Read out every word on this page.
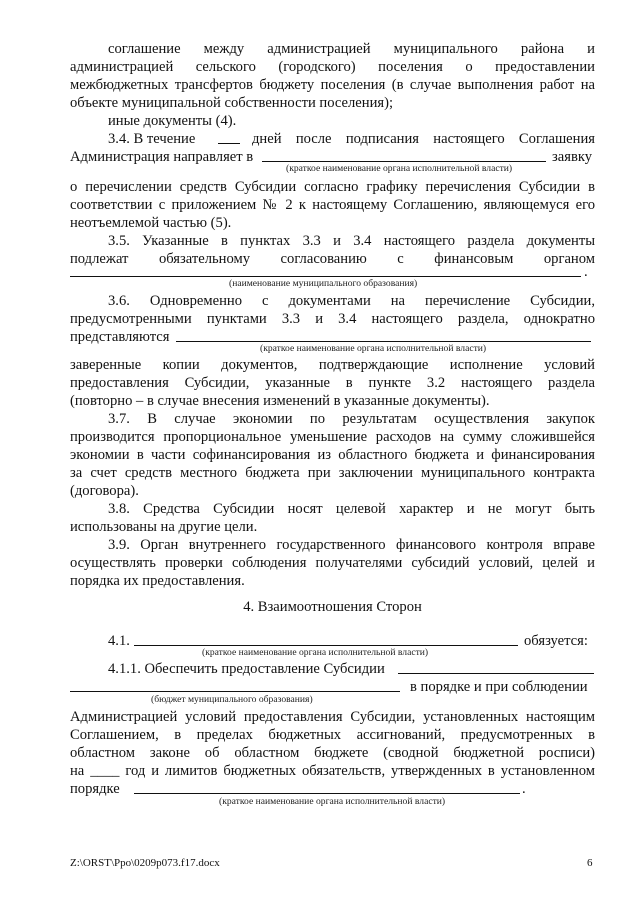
соглашение между администрацией муниципального района и
администрацией сельского (городского) поселения о предоставлении
межбюджетных трансфертов бюджету поселения (в случае выполнения работ на
объекте муниципальной собственности поселения);
иные документы (4).
3.4. В течение	дней после подписания настоящего Соглашения
Администрация направляет в	заявку
(краткое наименование органа исполнительной власти)
о перечислении средств Субсидии согласно графику перечисления Субсидии в
соответствии с приложением № 2 к настоящему Соглашению, являющемуся его
неотъемлемой частью (5).
3.5. Указанные в пунктах 3.3 и 3.4 настоящего раздела документы
подлежат обязательному согласованию с финансовым органом
.
(наименование муниципального образования)
3.6. Одновременно с документами на перечисление Субсидии,
предусмотренными пунктами 3.3 и 3.4 настоящего раздела, однократно
представляются
(краткое наименование органа исполнительной власти)
заверенные копии документов, подтверждающие исполнение условий
предоставления Субсидии, указанные в пункте 3.2 настоящего раздела
(повторно – в случае внесения изменений в указанные документы).
3.7. В случае экономии по результатам осуществления закупок
производится пропорциональное уменьшение расходов на сумму сложившейся
экономии в части софинансирования из областного бюджета и финансирования
за счет средств местного бюджета при заключении муниципального контракта
(договора).
3.8. Средства Субсидии носят целевой характер и не могут быть
использованы на другие цели.
3.9. Орган внутреннего государственного финансового контроля вправе
осуществлять проверки соблюдения получателями субсидий условий, целей и
порядка их предоставления.
4. Взаимоотношения Сторон
4.1.	обязуется:
(краткое наименование органа исполнительной власти)
4.1.1. Обеспечить предоставление Субсидии
в порядке и при соблюдении
(бюджет муниципального образования)
Администрацией условий предоставления Субсидии, установленных настоящим
Соглашением, в пределах бюджетных ассигнований, предусмотренных в
областном законе об областном бюджете (сводной бюджетной росписи)
на ____ год и лимитов бюджетных обязательств, утвержденных в установленном
порядке	.
(краткое наименование органа исполнительной власти)
Z:\ORST\Ppo\0209p073.f17.docx	6
